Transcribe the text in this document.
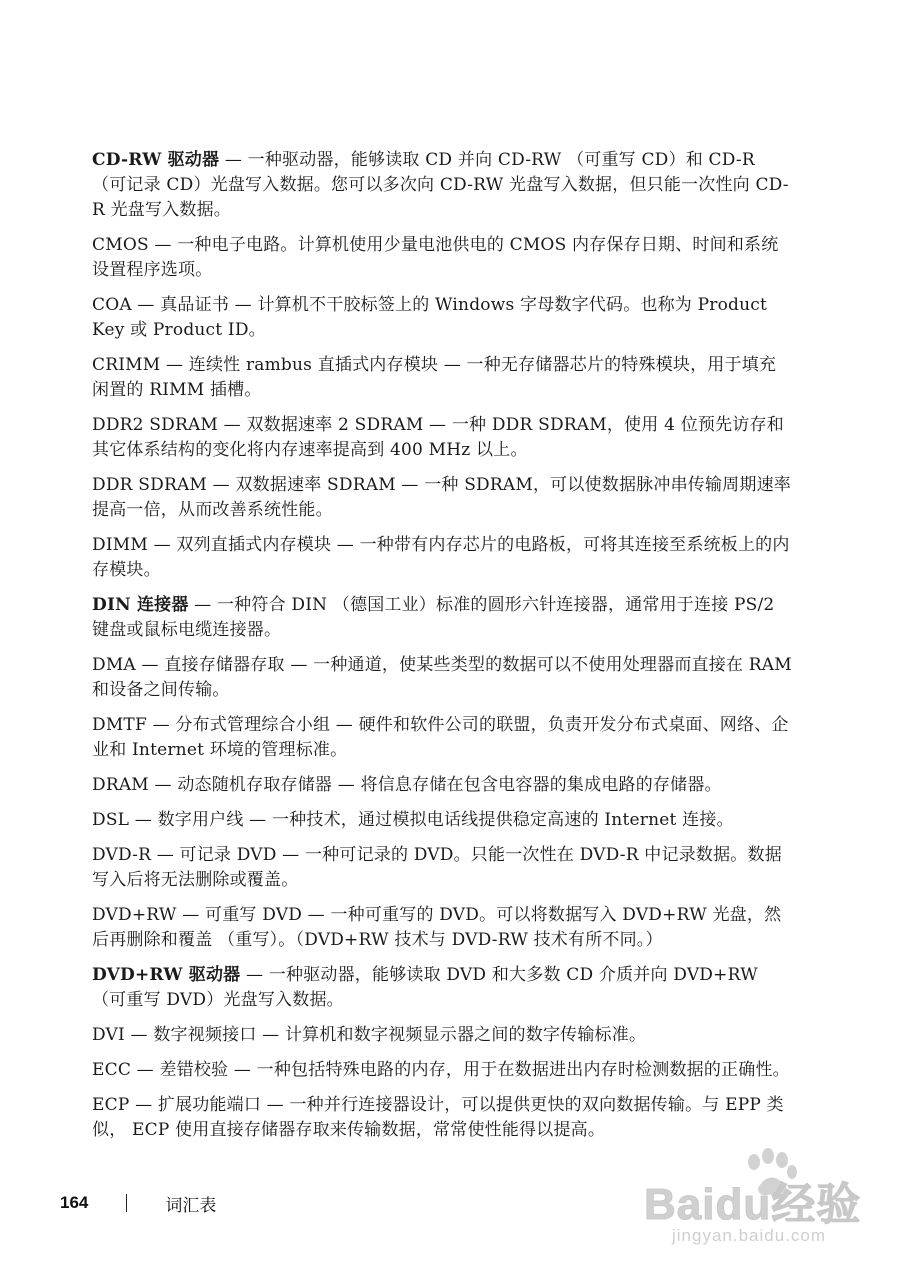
CD-RW 驱动器 — 一种驱动器，能够读取 CD 并向 CD-RW （可重写 CD）和 CD-R （可记录 CD）光盘写入数据。您可以多次向 CD-RW 光盘写入数据，但只能一次性向 CD-R 光盘写入数据。

CMOS — 一种电子电路。计算机使用少量电池供电的 CMOS 内存保存日期、时间和系统设置程序选项。

COA — 真品证书 — 计算机不干胶标签上的 Windows 字母数字代码。也称为 Product Key 或 Product ID。

CRIMM — 连续性 rambus 直插式内存模块 — 一种无存储器芯片的特殊模块，用于填充闲置的 RIMM 插槽。

DDR2 SDRAM — 双数据速率 2 SDRAM — 一种 DDR SDRAM，使用 4 位预先访存和其它体系结构的变化将内存速率提高到 400 MHz 以上。

DDR SDRAM — 双数据速率 SDRAM — 一种 SDRAM，可以使数据脉冲串传输周期速率提高一倍，从而改善系统性能。

DIMM — 双列直插式内存模块 — 一种带有内存芯片的电路板，可将其连接至系统板上的内存模块。

DIN 连接器 — 一种符合 DIN （德国工业）标准的圆形六针连接器，通常用于连接 PS/2 键盘或鼠标电缆连接器。

DMA — 直接存储器存取 — 一种通道，使某些类型的数据可以不使用处理器而直接在 RAM 和设备之间传输。

DMTF — 分布式管理综合小组 — 硬件和软件公司的联盟，负责开发分布式桌面、网络、企业和 Internet 环境的管理标准。

DRAM — 动态随机存取存储器 — 将信息存储在包含电容器的集成电路的存储器。

DSL — 数字用户线 — 一种技术，通过模拟电话线提供稳定高速的 Internet 连接。

DVD-R — 可记录 DVD — 一种可记录的 DVD。只能一次性在 DVD-R 中记录数据。数据写入后将无法删除或覆盖。

DVD+RW — 可重写 DVD — 一种可重写的 DVD。可以将数据写入 DVD+RW 光盘，然后再删除和覆盖 （重写）。（DVD+RW 技术与 DVD-RW 技术有所不同。）

DVD+RW 驱动器 — 一种驱动器，能够读取 DVD 和大多数 CD 介质并向 DVD+RW （可重写 DVD）光盘写入数据。

DVI — 数字视频接口 — 计算机和数字视频显示器之间的数字传输标准。

ECC — 差错校验 — 一种包括特殊电路的内存，用于在数据进出内存时检测数据的正确性。

ECP — 扩展功能端口 — 一种并行连接器设计，可以提供更快的双向数据传输。与 EPP 类似， ECP 使用直接存储器存取来传输数据，常常使性能得以提高。

164	词汇表	Baidu经验
jingyan.baidu.com
